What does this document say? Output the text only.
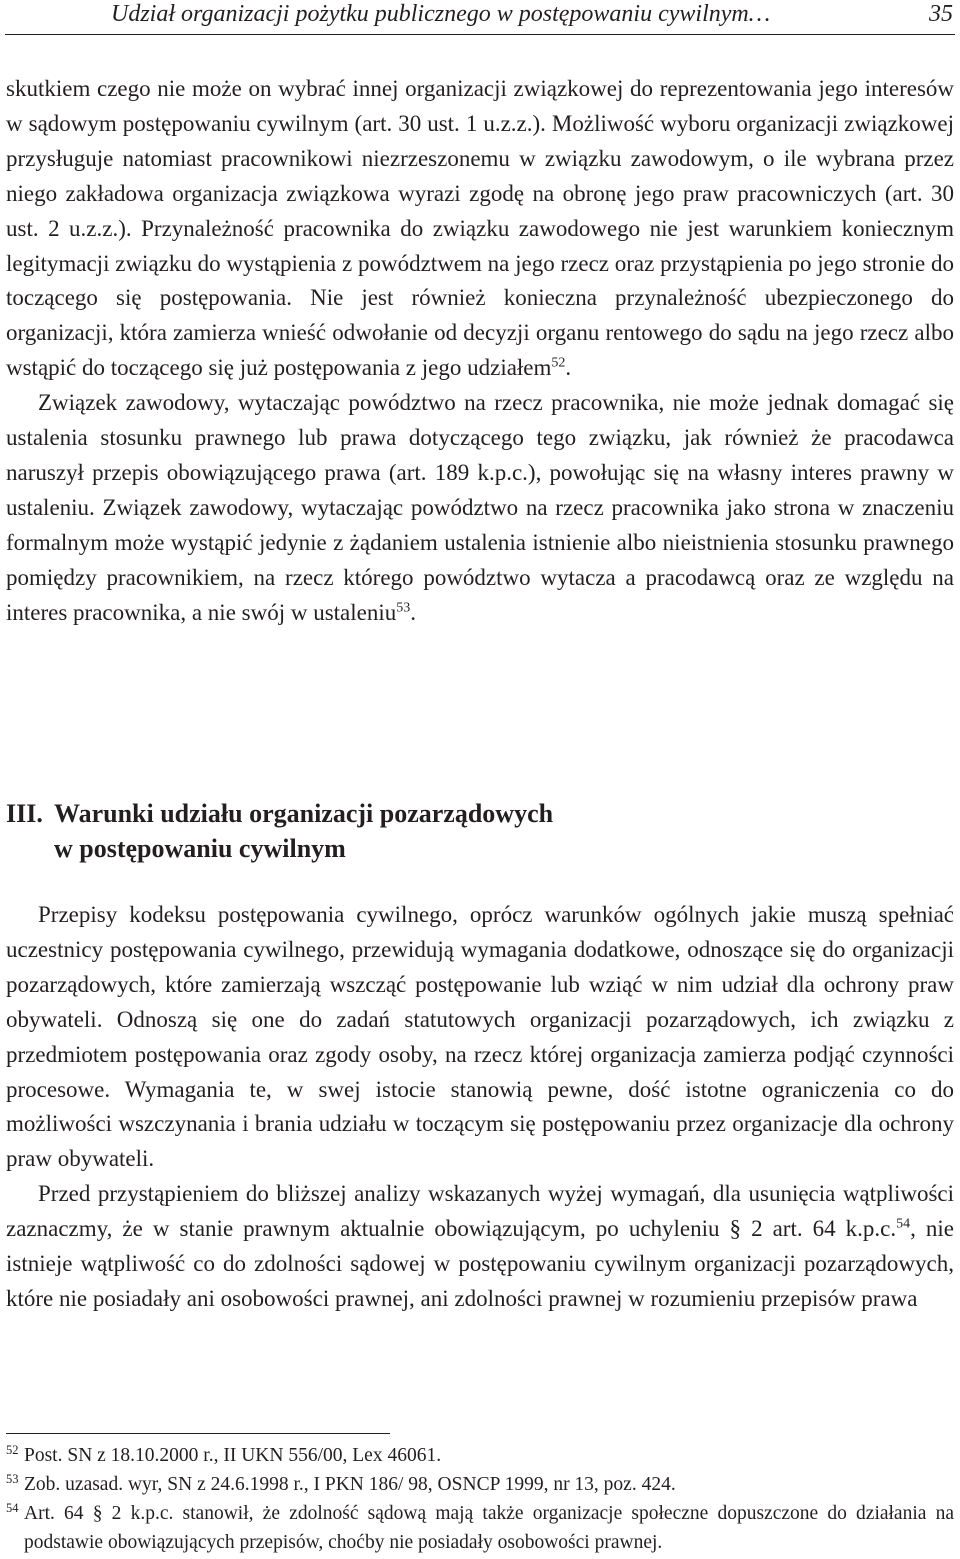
Udział organizacji pożytku publicznego w postępowaniu cywilnym…	35

skutkiem czego nie może on wybrać innej organizacji związkowej do reprezentowania jego interesów w sądowym postępowaniu cywilnym (art. 30 ust. 1 u.z.z.). Możliwość wyboru organizacji związkowej przysługuje natomiast pracownikowi niezrzeszonemu w związku zawodowym, o ile wybrana przez niego zakładowa organizacja związkowa wyrazi zgodę na obronę jego praw pracowniczych (art. 30 ust. 2 u.z.z.). Przynależność pracownika do związku zawodowego nie jest warunkiem koniecznym legitymacji związku do wystąpienia z powództwem na jego rzecz oraz przystąpienia po jego stronie do toczącego się postępowania. Nie jest również konieczna przynależność ubezpieczonego do organizacji, która zamierza wnieść odwołanie od decyzji organu rentowego do sądu na jego rzecz albo wstąpić do toczącego się już postępowania z jego udziałem$^{52}$.

Związek zawodowy, wytaczając powództwo na rzecz pracownika, nie może jednak domagać się ustalenia stosunku prawnego lub prawa dotyczącego tego związku, jak również że pracodawca naruszył przepis obowiązującego prawa (art. 189 k.p.c.), powołując się na własny interes prawny w ustaleniu. Związek zawodowy, wytaczając powództwo na rzecz pracownika jako strona w znaczeniu formalnym może wystąpić jedynie z żądaniem ustalenia istnienie albo nieistnienia stosunku prawnego pomiędzy pracownikiem, na rzecz którego powództwo wytacza a pracodawcą oraz ze względu na interes pracownika, a nie swój w ustaleniu$^{53}$.

III. Warunki udziału organizacji pozarządowych
w postępowaniu cywilnym

Przepisy kodeksu postępowania cywilnego, oprócz warunków ogólnych jakie muszą spełniać uczestnicy postępowania cywilnego, przewidują wymagania dodatkowe, odnoszące się do organizacji pozarządowych, które zamierzają wszcząć postępowanie lub wziąć w nim udział dla ochrony praw obywateli. Odnoszą się one do zadań statutowych organizacji pozarządowych, ich związku z przedmiotem postępowania oraz zgody osoby, na rzecz której organizacja zamierza podjąć czynności procesowe. Wymagania te, w swej istocie stanowią pewne, dość istotne ograniczenia co do możliwości wszczynania i brania udziału w toczącym się postępowaniu przez organizacje dla ochrony praw obywateli.

Przed przystąpieniem do bliższej analizy wskazanych wyżej wymagań, dla usunięcia wątpliwości zaznaczmy, że w stanie prawnym aktualnie obowiązującym, po uchyleniu § 2 art. 64 k.p.c.$^{54}$, nie istnieje wątpliwość co do zdolności sądowej w postępowaniu cywilnym organizacji pozarządowych, które nie posiadały ani osobowości prawnej, ani zdolności prawnej w rozumieniu przepisów prawa

$^{52}$ Post. SN z 18.10.2000 r., II UKN 556/00, Lex 46061.

$^{53}$ Zob. uzasad. wyr, SN z 24.6.1998 r., I PKN 186/ 98, OSNCP 1999, nr 13, poz. 424.

$^{54}$ Art. 64 § 2 k.p.c. stanowił, że zdolność sądową mają także organizacje społeczne dopuszczone do działania na podstawie obowiązujących przepisów, choćby nie posiadały osobowości prawnej.
